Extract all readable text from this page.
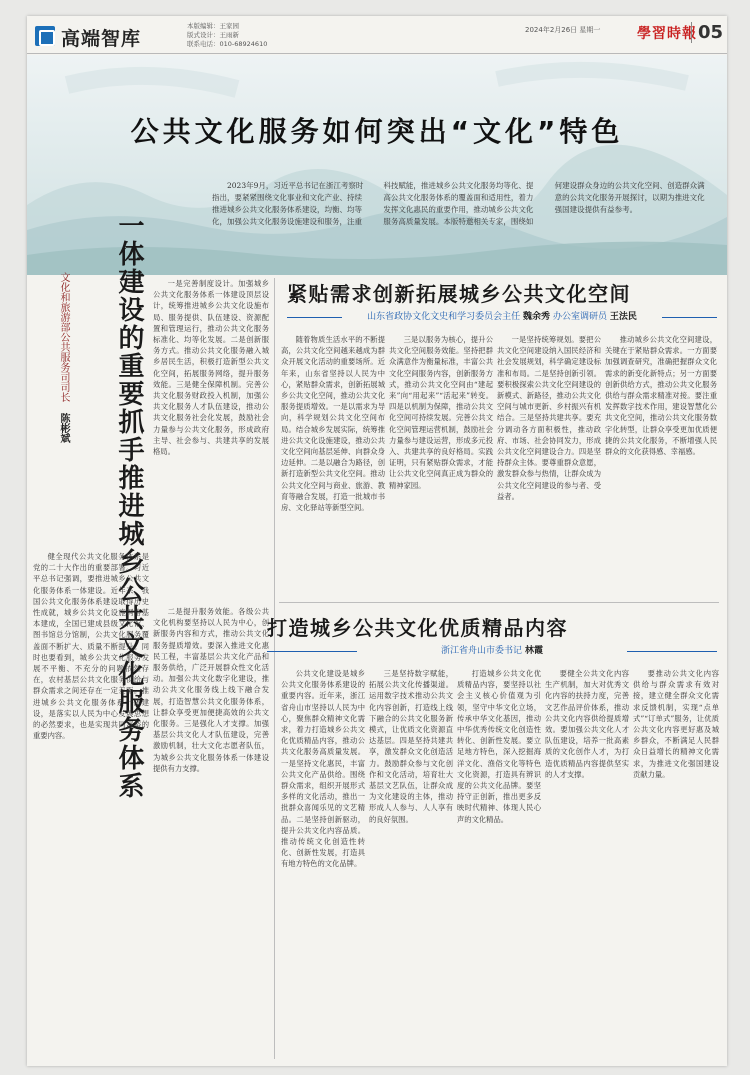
高端智库
本版编辑：王家园
版式设计：王雨新
联系电话：010-68924610
2024年2月26日 星期一	學習時報 05
公共文化服务如何突出“文化”特色
2023年9月，习近平总书记在浙江考察时指出，要紧紧围绕文化事业和文化产业、持续推进城乡公共文化服务体系建设，均衡、均等化，加强公共文化服务设施建设和服务，注重科技赋能，推进城乡公共文化服务均等化、提高公共文化服务体系的覆盖面和适用性，着力发挥文化惠民的重要作用，推动城乡公共文化服务高质量发展。本版特邀相关专家，围绕如何建设群众身边的公共文化空间、创造群众满意的公共文化服务开展探讨，以期为推进文化强国建设提供有益参考。
文化和旅游部公共服务司司长 陈彬斌	一体建设的重要抓手推进城乡公共文化服务体系
健全现代公共文化服务体系是党的二十大作出的重要部署。习近平总书记强调，要推进城乡公共文化服务体系一体建设。近年来，我国公共文化服务体系建设取得历史性成就，城乡公共文化设施网络基本建成，全国已建成县级文化馆、图书馆总分馆制，公共文化服务覆盖面不断扩大、质量不断提升。同时也要看到，城乡公共文化服务发展不平衡、不充分的问题依然存在，农村基层公共文化服务供给与群众需求之间还存在一定差距。推进城乡公共文化服务体系一体建设，是落实以人民为中心发展思想的必然要求，也是实现共同富裕的重要内容。
一是完善制度设计。加强城乡公共文化服务体系一体建设顶层设计，统筹推进城乡公共文化设施布局、服务提供、队伍建设、资源配置和管理运行，推动公共文化服务标准化、均等化发展。二是创新服务方式。推动公共文化服务融入城乡居民生活，积极打造新型公共文化空间，拓展服务网络，提升服务效能。三是健全保障机制。完善公共文化服务财政投入机制，加强公共文化服务人才队伍建设，推动公共文化服务社会化发展，鼓励社会力量参与公共文化服务，形成政府主导、社会参与、共建共享的发展格局。
二是提升服务效能。各级公共文化机构要坚持以人民为中心，创新服务内容和方式，推动公共文化服务提质增效。要深入推进文化惠民工程，丰富基层公共文化产品和服务供给，广泛开展群众性文化活动。加强公共文化数字化建设，推动公共文化服务线上线下融合发展，打造智慧公共文化服务体系，让群众享受更加便捷高效的公共文化服务。三是强化人才支撑。加强基层公共文化人才队伍建设，完善激励机制，壮大文化志愿者队伍，为城乡公共文化服务体系一体建设提供有力支撑。
紧贴需求创新拓展城乡公共文化空间
山东省政协文化文史和学习委员会主任 魏余秀 办公室调研员 王法民
随着物质生活水平的不断提高，公共文化空间越来越成为群众开展文化活动的重要场所。近年来，山东省坚持以人民为中心，紧贴群众需求，创新拓展城乡公共文化空间，推动公共文化服务提质增效。一是以需求为导向，科学规划公共文化空间布局。结合城乡发展实际，统筹推进公共文化设施建设，推动公共文化空间向基层延伸、向群众身边延伸。二是以融合为路径，创新打造新型公共文化空间。推动公共文化空间与商业、旅游、教育等融合发展，打造一批城市书房、文化驿站等新型空间。
三是以服务为核心，提升公共文化空间服务效能。坚持把群众满意作为衡量标准，丰富公共文化空间服务内容，创新服务方式，推动公共文化空间由“建起来”向“用起来”“活起来”转变。四是以机制为保障，推动公共文化空间可持续发展。完善公共文化空间管理运营机制，鼓励社会力量参与建设运营，形成多元投入、共建共享的良好格局。实践证明，只有紧贴群众需求，才能让公共文化空间真正成为群众的精神家园。
一是坚持统筹规划。要把公共文化空间建设纳入国民经济和社会发展规划，科学确定建设标准和布局。二是坚持创新引领。要积极探索公共文化空间建设的新模式、新路径，推动公共文化空间与城市更新、乡村振兴有机结合。三是坚持共建共享。要充分调动各方面积极性，推动政府、市场、社会协同发力，形成公共文化空间建设合力。四是坚持群众主体。要尊重群众意愿，激发群众参与热情，让群众成为公共文化空间建设的参与者、受益者。
推动城乡公共文化空间建设，关键在于紧贴群众需求。一方面要加强调查研究，准确把握群众文化需求的新变化新特点；另一方面要创新供给方式，推动公共文化服务供给与群众需求精准对接。要注重发挥数字技术作用，建设智慧化公共文化空间，推动公共文化服务数字化转型，让群众享受更加优质便捷的公共文化服务，不断增强人民群众的文化获得感、幸福感。
打造城乡公共文化优质精品内容
浙江省舟山市委书记 林霞
公共文化建设是城乡公共文化服务体系建设的重要内容。近年来，浙江省舟山市坚持以人民为中心，聚焦群众精神文化需求，着力打造城乡公共文化优质精品内容，推动公共文化服务高质量发展。一是坚持文化惠民，丰富公共文化产品供给。围绕群众需求，组织开展形式多样的文化活动，推出一批群众喜闻乐见的文艺精品。二是坚持创新驱动，提升公共文化内容品质。推动传统文化创造性转化、创新性发展，打造具有地方特色的文化品牌。
三是坚持数字赋能，拓展公共文化传播渠道。运用数字技术推动公共文化内容创新，打造线上线下融合的公共文化服务新模式，让优质文化资源直达基层。四是坚持共建共享，激发群众文化创造活力。鼓励群众参与文化创作和文化活动，培育壮大基层文艺队伍，让群众成为文化建设的主体，推动形成人人参与、人人享有的良好氛围。
打造城乡公共文化优质精品内容，要坚持以社会主义核心价值观为引领，坚守中华文化立场，传承中华文化基因，推动中华优秀传统文化创造性转化、创新性发展。要立足地方特色，深入挖掘海洋文化、渔俗文化等特色文化资源，打造具有辨识度的公共文化品牌。要坚持守正创新，推出更多反映时代精神、体现人民心声的文化精品。
要健全公共文化内容生产机制，加大对优秀文化内容的扶持力度，完善文艺作品评价体系，推动公共文化内容供给提质增效。要加强公共文化人才队伍建设，培养一批高素质的文化创作人才，为打造优质精品内容提供坚实的人才支撑。
要推动公共文化内容供给与群众需求有效对接，建立健全群众文化需求反馈机制，实现“点单式”“订单式”服务，让优质公共文化内容更好惠及城乡群众，不断满足人民群众日益增长的精神文化需求，为推进文化强国建设贡献力量。
